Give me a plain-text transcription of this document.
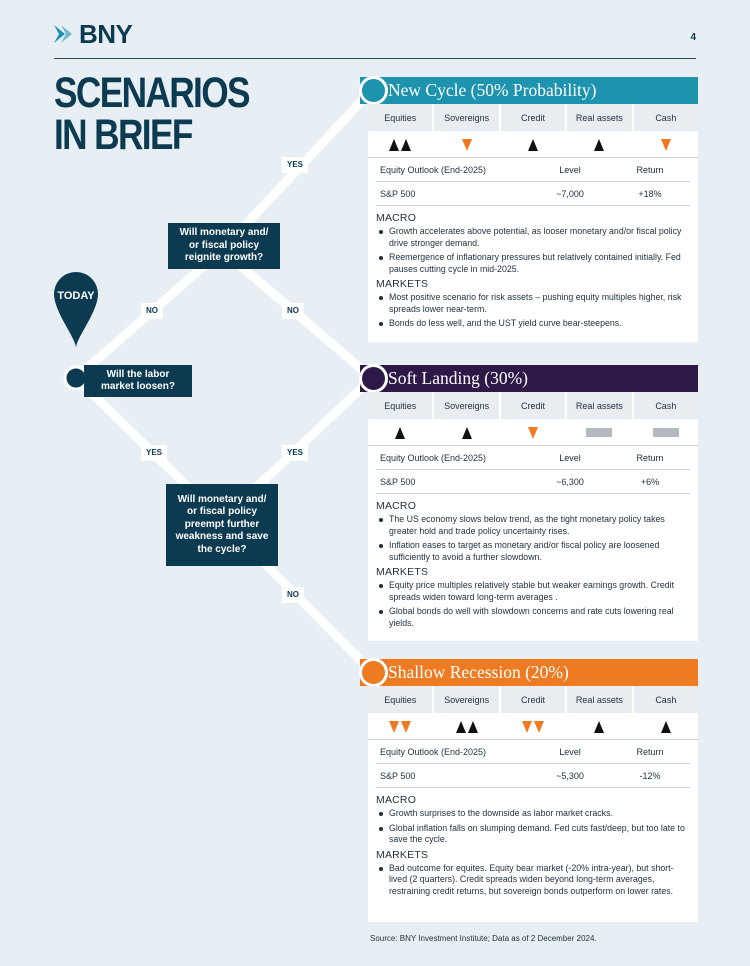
BNY	4
SCENARIOS
IN BRIEF
TODAY
Will the labor market loosen?
Will monetary and/ or fiscal policy reignite growth?
Will monetary and/ or fiscal policy preempt further weakness and save the cycle?
YES
NO	NO
YES	YES
NO
New Cycle (50% Probability)
Equities	Sovereigns	Credit	Real assets	Cash
Equity Outlook (End-2025)	Level	Return
S&P 500	~7,000	+18%
MACRO
Growth accelerates above potential, as looser monetary and/or fiscal policy drive stronger demand.
Reemergence of inflationary pressures but relatively contained initially. Fed pauses cutting cycle in mid-2025.
MARKETS
Most positive scenario for risk assets – pushing equity multiples higher, risk spreads lower near-term.
Bonds do less well, and the UST yield curve bear-steepens.
Soft Landing (30%)
Equities	Sovereigns	Credit	Real assets	Cash
Equity Outlook (End-2025)	Level	Return
S&P 500	~6,300	+6%
MACRO
The US economy slows below trend, as the tight monetary policy takes greater hold and trade policy uncertainty rises.
Inflation eases to target as monetary and/or fiscal policy are loosened sufficiently to avoid a further slowdown.
MARKETS
Equity price multiples relatively stable but weaker earnings growth. Credit spreads widen toward long-term averages .
Global bonds do well with slowdown concerns and rate cuts lowering real yields.
Shallow Recession (20%)
Equities	Sovereigns	Credit	Real assets	Cash
Equity Outlook (End-2025)	Level	Return
S&P 500	~5,300	-12%
MACRO
Growth surprises to the downside as labor market cracks.
Global inflation falls on slumping demand. Fed cuts fast/deep, but too late to save the cycle.
MARKETS
Bad outcome for equites. Equity bear market (-20% intra-year), but short-lived (2 quarters). Credit spreads widen beyond long-term averages, restraining credit returns, but sovereign bonds outperform on lower rates.
Source: BNY Investment Institute; Data as of 2 December 2024.
